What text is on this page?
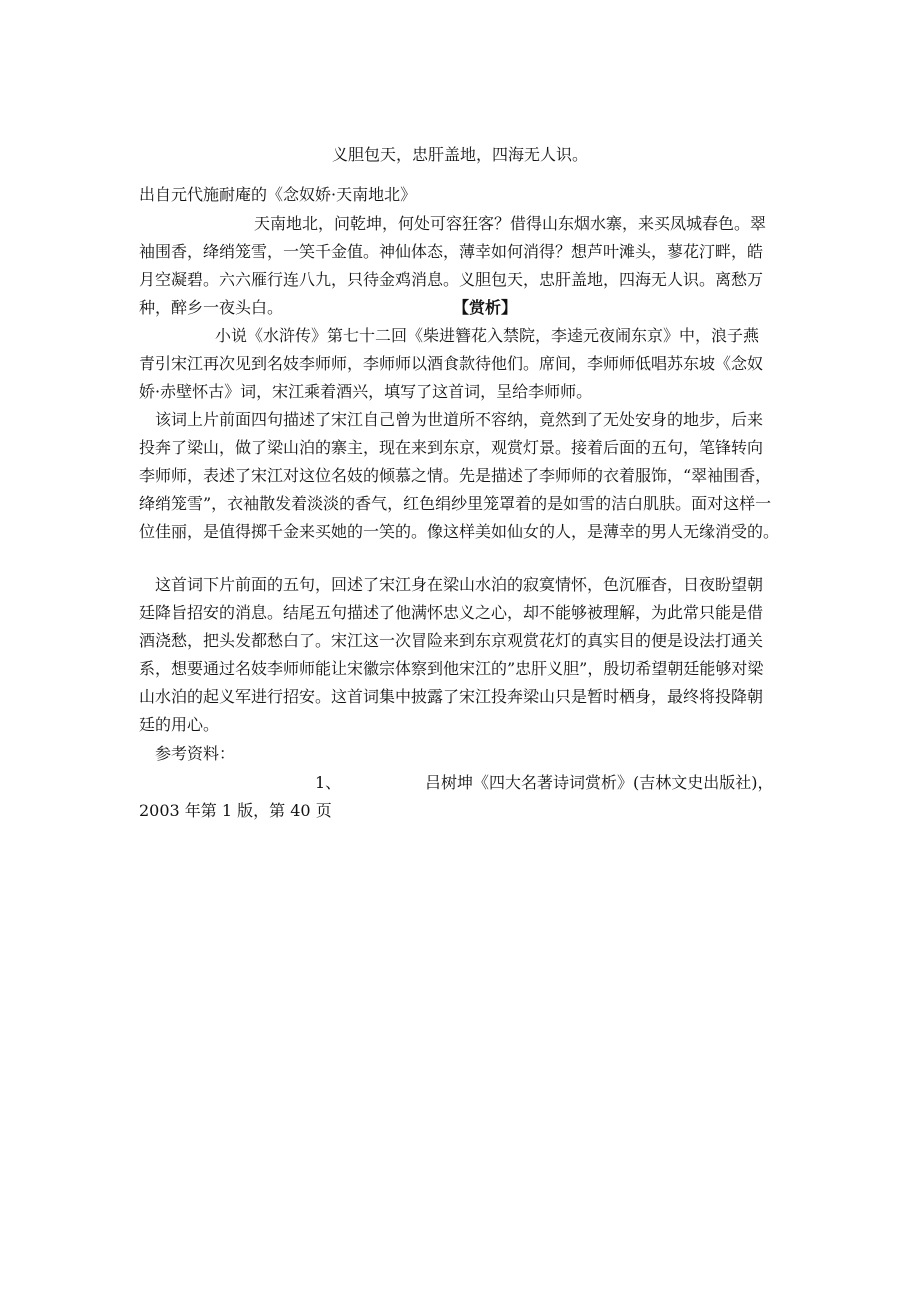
义胆包天，忠肝盖地，四海无人识。
出自元代施耐庵的《念奴娇·天南地北》
天南地北，问乾坤，何处可容狂客？借得山东烟水寨，来买凤城春色。翠
袖围香，绛绡笼雪，一笑千金值。神仙体态，薄幸如何消得？想芦叶滩头，蓼花汀畔，皓
月空凝碧。六六雁行连八九，只待金鸡消息。义胆包天，忠肝盖地，四海无人识。离愁万
种，醉乡一夜头白。	【赏析】
小说《水浒传》第七十二回《柴进簪花入禁院，李逵元夜闹东京》中，浪子燕
青引宋江再次见到名妓李师师，李师师以酒食款待他们。席间，李师师低唱苏东坡《念奴
娇·赤壁怀古》词，宋江乘着酒兴，填写了这首词，呈给李师师。
该词上片前面四句描述了宋江自己曾为世道所不容纳，竟然到了无处安身的地步，后来
投奔了梁山，做了梁山泊的寨主，现在来到东京，观赏灯景。接着后面的五句，笔锋转向
李师师，表述了宋江对这位名妓的倾慕之情。先是描述了李师师的衣着服饰，“翠袖围香，
绛绡笼雪”，衣袖散发着淡淡的香气，红色绢纱里笼罩着的是如雪的洁白肌肤。面对这样一
位佳丽，是值得掷千金来买她的一笑的。像这样美如仙女的人，是薄幸的男人无缘消受的。
这首词下片前面的五句，回述了宋江身在梁山水泊的寂寞情怀，色沉雁杳，日夜盼望朝
廷降旨招安的消息。结尾五句描述了他满怀忠义之心，却不能够被理解，为此常只能是借
酒浇愁，把头发都愁白了。宋江这一次冒险来到东京观赏花灯的真实目的便是设法打通关
系，想要通过名妓李师师能让宋徽宗体察到他宋江的”忠肝义胆”，殷切希望朝廷能够对梁
山水泊的起义军进行招安。这首词集中披露了宋江投奔梁山只是暂时栖身，最终将投降朝
廷的用心。
参考资料：
1、	吕树坤《四大名著诗词赏析》(吉林文史出版社)，
2003 年第 1 版，第 40 页
